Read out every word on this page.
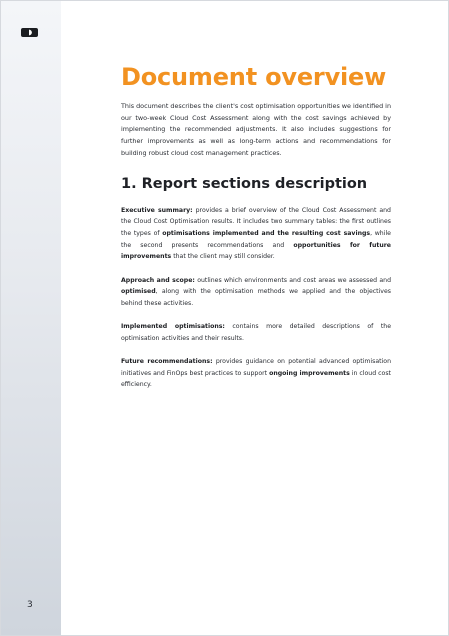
3
Document overview

This document describes the client's cost optimisation opportunities we identified in our two-week Cloud Cost Assessment along with the cost savings achieved by implementing the recommended adjustments. It also includes suggestions for further improvements as well as long-term actions and recommendations for building robust cloud cost management practices.

1. Report sections description

Executive summary: provides a brief overview of the Cloud Cost Assessment and the Cloud Cost Optimisation results. It includes two summary tables: the first outlines the types of optimisations implemented and the resulting cost savings, while the second presents recommendations and opportunities for future improvements that the client may still consider.

Approach and scope: outlines which environments and cost areas we assessed and optimised, along with the optimisation methods we applied and the objectives behind these activities.

Implemented optimisations: contains more detailed descriptions of the optimisation activities and their results.

Future recommendations: provides guidance on potential advanced optimisation initiatives and FinOps best practices to support ongoing improvements in cloud cost efficiency.
